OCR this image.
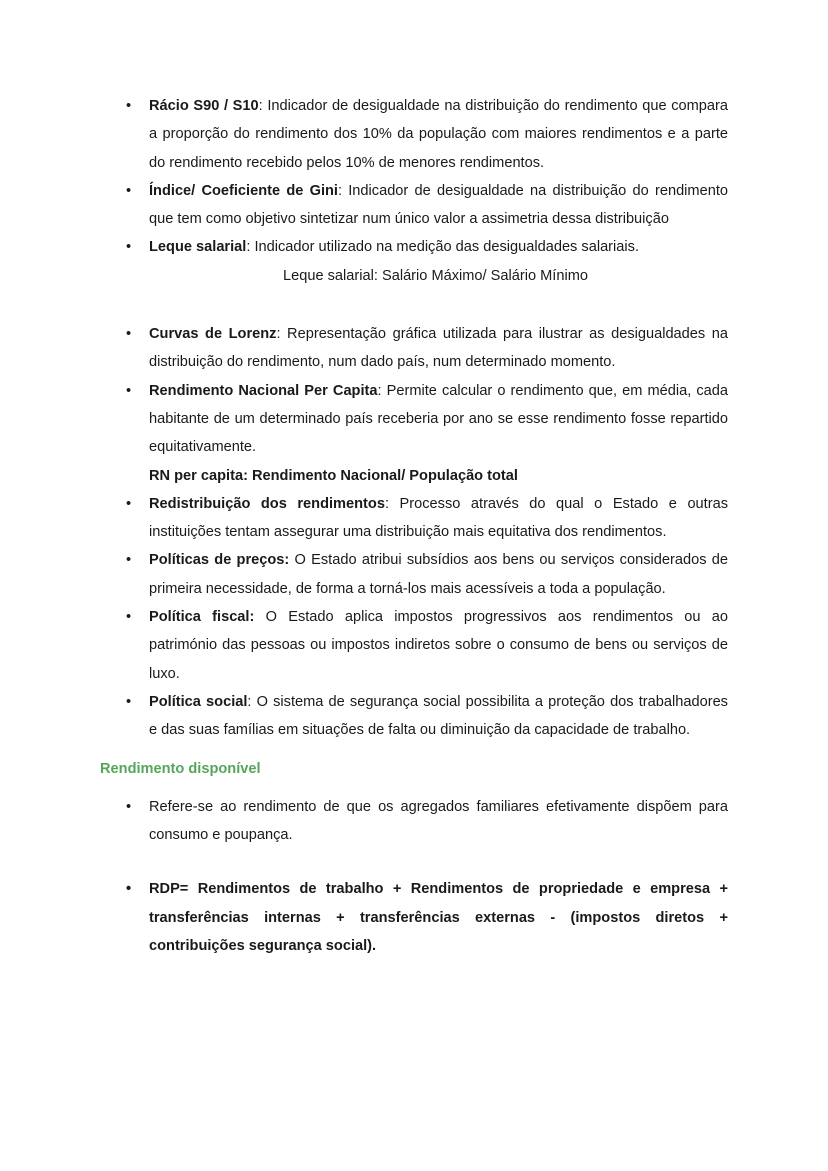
•	Rácio S90 / S10: Indicador de desigualdade na distribuição do rendimento que compara a proporção do rendimento dos 10% da população com maiores rendimentos e a parte do rendimento recebido pelos 10% de menores rendimentos.
•	Índice/ Coeficiente de Gini: Indicador de desigualdade na distribuição do rendimento que tem como objetivo sintetizar num único valor a assimetria dessa distribuição
•	Leque salarial: Indicador utilizado na medição das desigualdades salariais.
Leque salarial: Salário Máximo/ Salário Mínimo
•	Curvas de Lorenz: Representação gráfica utilizada para ilustrar as desigualdades na distribuição do rendimento, num dado país, num determinado momento.
•	Rendimento Nacional Per Capita: Permite calcular o rendimento que, em média, cada habitante de um determinado país receberia por ano se esse rendimento fosse repartido equitativamente.
RN per capita: Rendimento Nacional/ População total
•	Redistribuição dos rendimentos: Processo através do qual o Estado e outras instituições tentam assegurar uma distribuição mais equitativa dos rendimentos.
•	Políticas de preços: O Estado atribui subsídios aos bens ou serviços considerados de primeira necessidade, de forma a torná-los mais acessíveis a toda a população.
•	Política fiscal: O Estado aplica impostos progressivos aos rendimentos ou ao património das pessoas ou impostos indiretos sobre o consumo de bens ou serviços de luxo.
•	Política social: O sistema de segurança social possibilita a proteção dos trabalhadores e das suas famílias em situações de falta ou diminuição da capacidade de trabalho.
Rendimento disponível
•	Refere-se ao rendimento de que os agregados familiares efetivamente dispõem para consumo e poupança.
•	RDP= Rendimentos de trabalho + Rendimentos de propriedade e empresa + transferências internas + transferências externas - (impostos diretos + contribuições segurança social).
